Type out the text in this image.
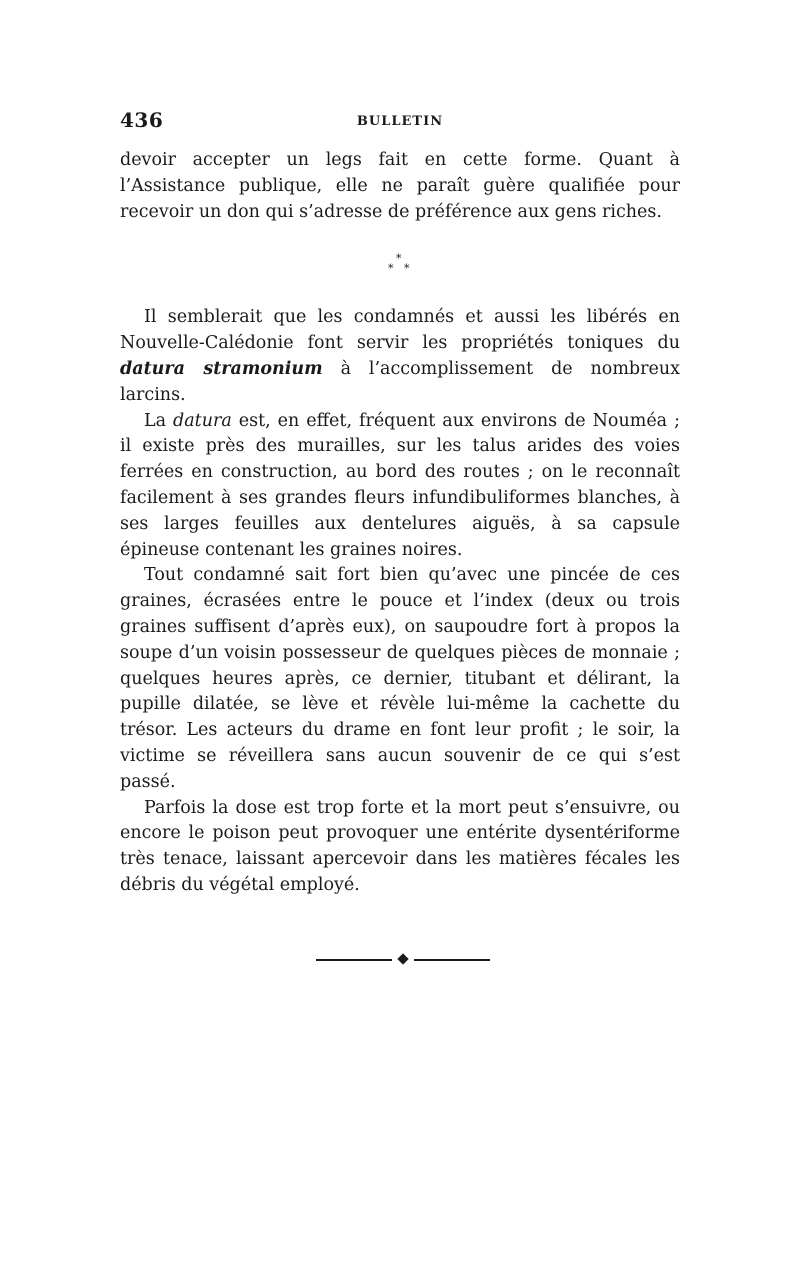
436	BULLETIN

devoir accepter un legs fait en cette forme. Quant à l’Assistance publique, elle ne paraît guère qualifiée pour recevoir un don qui s’adresse de préférence aux gens riches.

*
* *

Il semblerait que les condamnés et aussi les libérés en Nouvelle-Calédonie font servir les propriétés toniques du datura stramonium à l’accomplissement de nombreux larcins.

La datura est, en effet, fréquent aux environs de Nouméa ; il existe près des murailles, sur les talus arides des voies ferrées en construction, au bord des routes ; on le reconnaît facilement à ses grandes fleurs infundibuliformes blanches, à ses larges feuilles aux dentelures aiguës, à sa capsule épineuse contenant les graines noires.

Tout condamné sait fort bien qu’avec une pincée de ces graines, écrasées entre le pouce et l’index (deux ou trois graines suffisent d’après eux), on saupoudre fort à propos la soupe d’un voisin possesseur de quelques pièces de monnaie ; quelques heures après, ce dernier, titubant et délirant, la pupille dilatée, se lève et révèle lui-même la cachette du trésor. Les acteurs du drame en font leur profit ; le soir, la victime se réveillera sans aucun souvenir de ce qui s’est passé.

Parfois la dose est trop forte et la mort peut s’ensuivre, ou encore le poison peut provoquer une entérite dysentériforme très tenace, laissant apercevoir dans les matières fécales les débris du végétal employé.
